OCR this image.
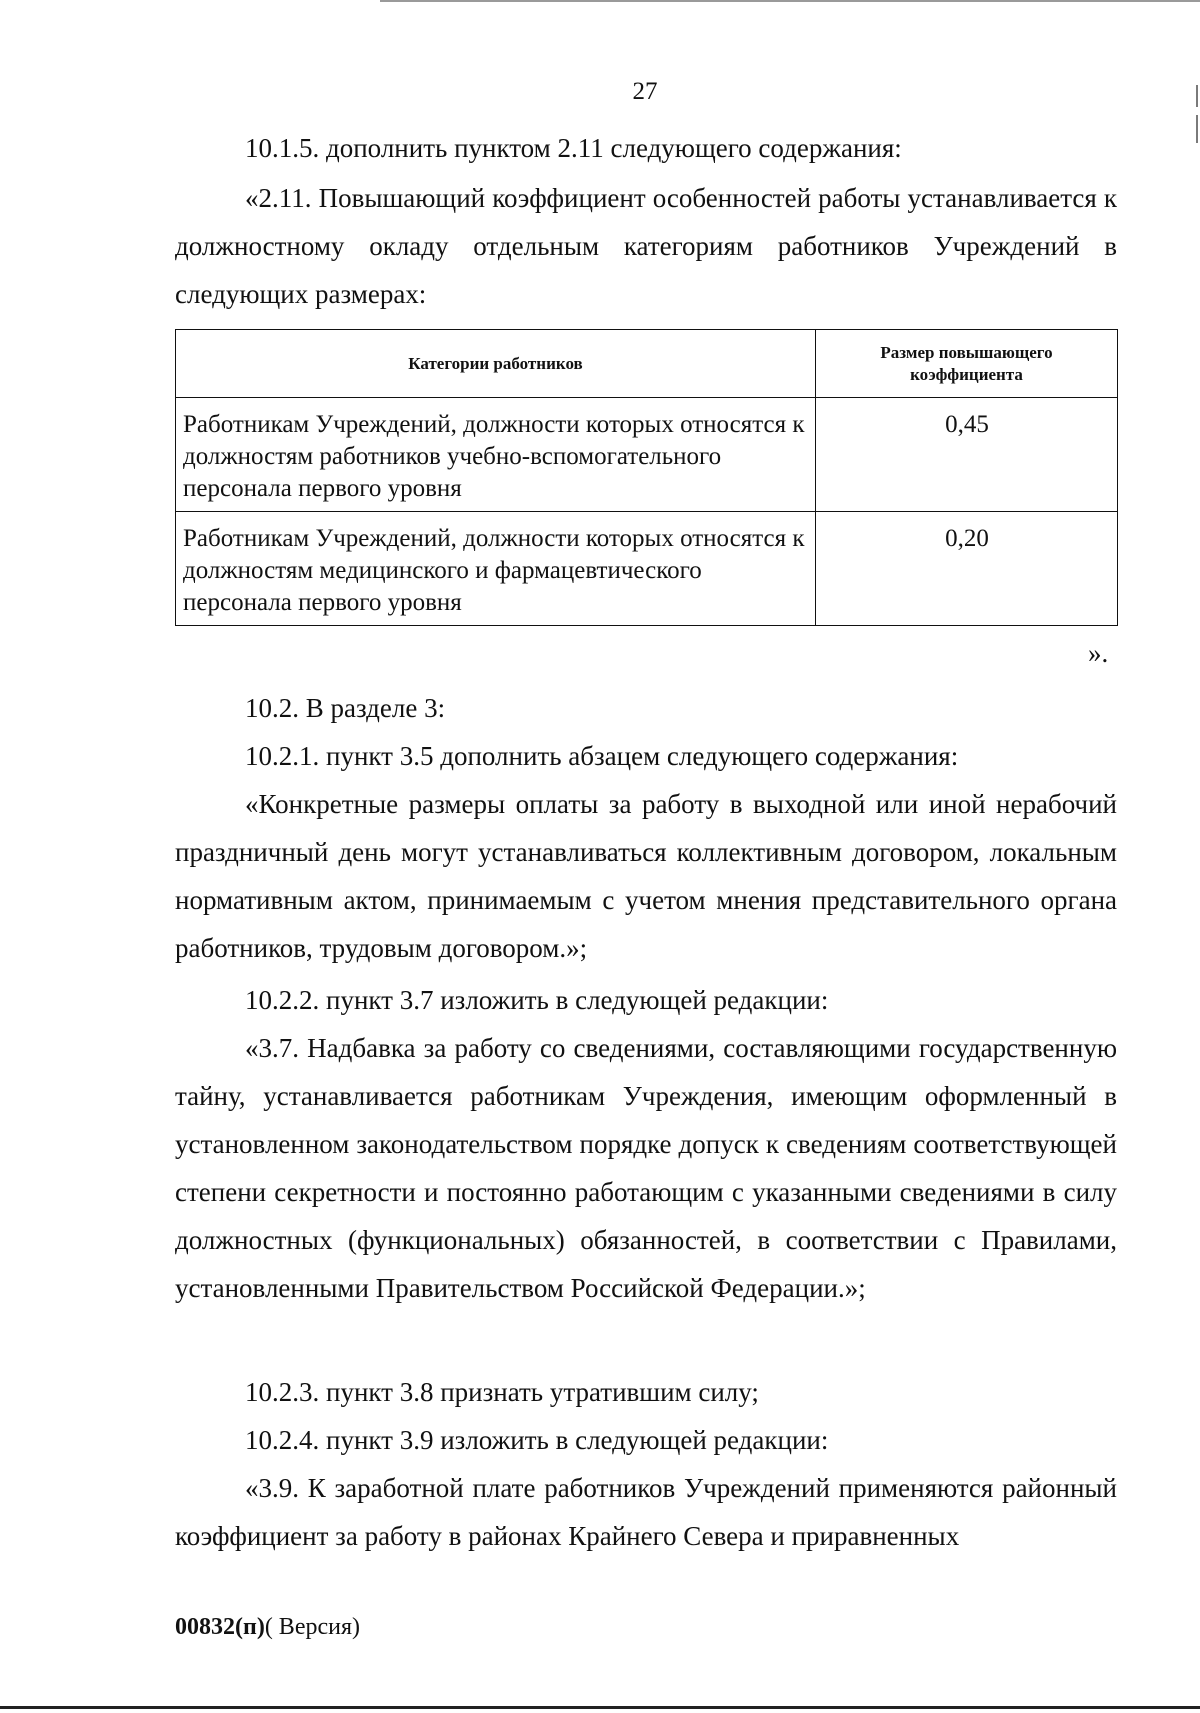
27

10.1.5. дополнить пунктом 2.11 следующего содержания:

«2.11. Повышающий коэффициент особенностей работы устанавливается к должностному окладу отдельным категориям работников Учреждений в следующих размерах:

Категории работников	Размер повышающего коэффициента
Работникам Учреждений, должности которых относятся к должностям работников учебно-вспомогательного персонала первого уровня	0,45
Работникам Учреждений, должности которых относятся к должностям медицинского и фармацевтического персонала первого уровня	0,20
».

10.2. В разделе 3:

10.2.1. пункт 3.5 дополнить абзацем следующего содержания:

«Конкретные размеры оплаты за работу в выходной или иной нерабочий праздничный день могут устанавливаться коллективным договором, локальным нормативным актом, принимаемым с учетом мнения представительного органа работников, трудовым договором.»;

10.2.2. пункт 3.7 изложить в следующей редакции:

«3.7. Надбавка за работу со сведениями, составляющими государственную тайну, устанавливается работникам Учреждения, имеющим оформленный в установленном законодательством порядке допуск к сведениям соответствующей степени секретности и постоянно работающим с указанными сведениями в силу должностных (функциональных) обязанностей, в соответствии с Правилами, установленными Правительством Российской Федерации.»;

10.2.3. пункт 3.8 признать утратившим силу;

10.2.4. пункт 3.9 изложить в следующей редакции:

«3.9. К заработной плате работников Учреждений применяются районный коэффициент за работу в районах Крайнего Севера и приравненных

00832(п)( Версия)
